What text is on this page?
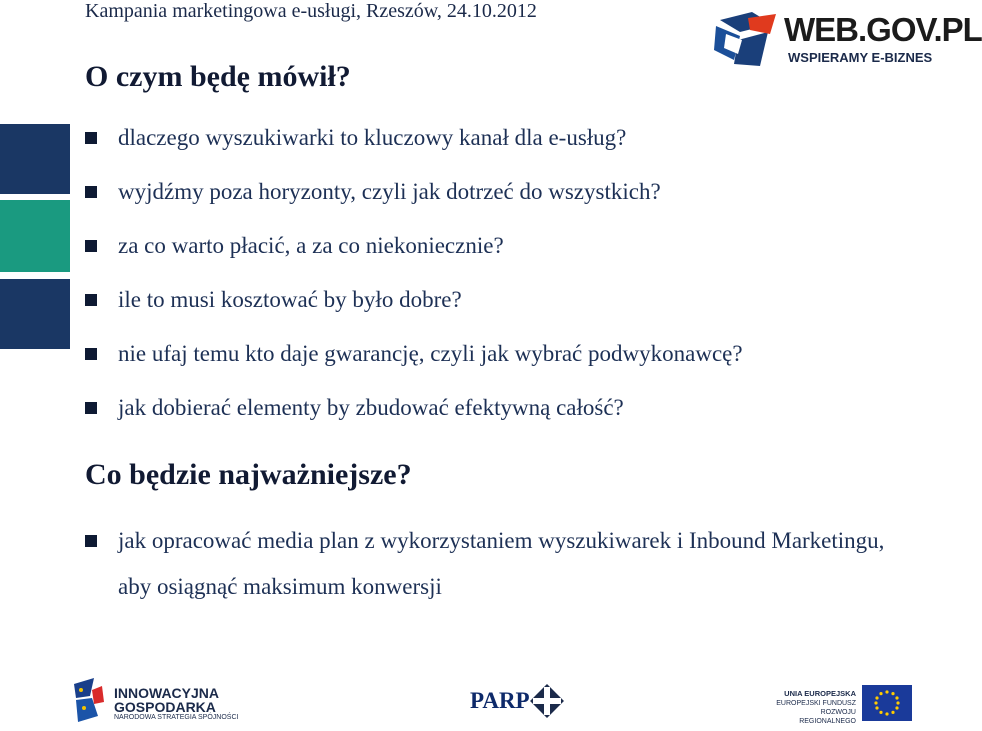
Kampania marketingowa e-usługi, Rzeszów, 24.10.2012	WEB.GOV.PL
WSPIERAMY E-BIZNES
O czym będę mówił?
dlaczego wyszukiwarki to kluczowy kanał dla e-usług?
wyjdźmy poza horyzonty, czyli jak dotrzeć do wszystkich?
za co warto płacić, a za co niekoniecznie?
ile to musi kosztować by było dobre?
nie ufaj temu kto daje gwarancję, czyli jak wybrać podwykonawcę?
jak dobierać elementy by zbudować efektywną całość?
Co będzie najważniejsze?
jak opracować media plan z wykorzystaniem wyszukiwarek i Inbound Marketingu, aby osiągnąć maksimum konwersji
INNOWACYJNA
GOSPODARKA
NARODOWA STRATEGIA SPÓJNOŚCI
PARP	UNIA EUROPEJSKA
EUROPEJSKI FUNDUSZ
ROZWOJU REGIONALNEGO
